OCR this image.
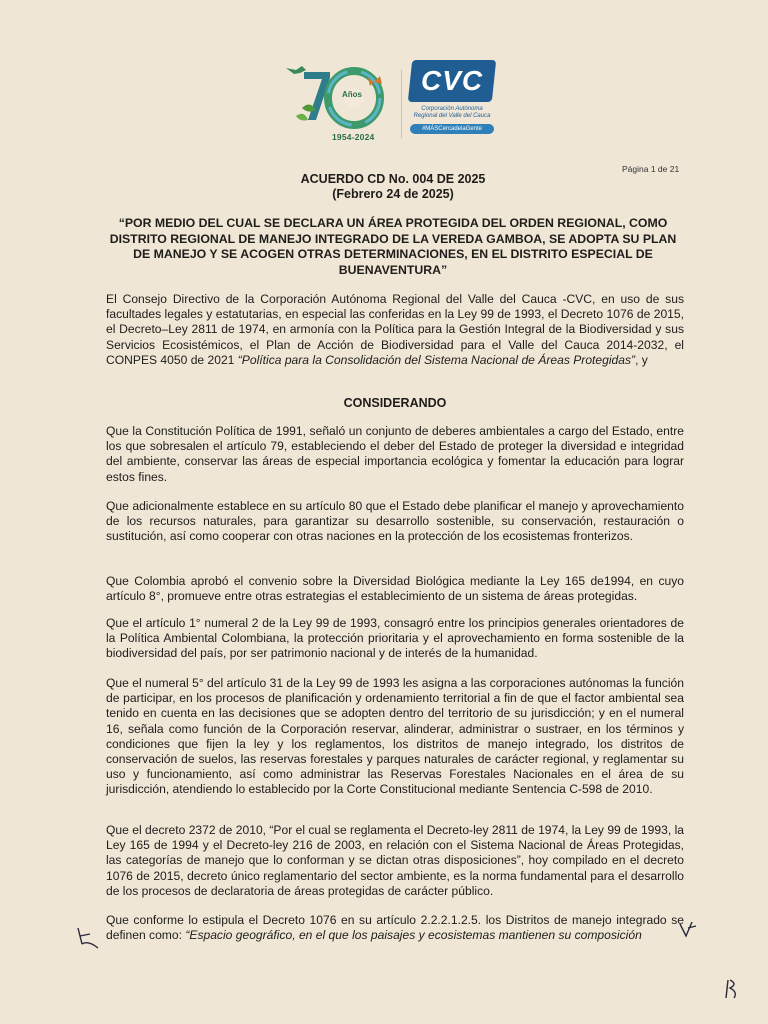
Años
1954-2024
CVC
Corporación Autónoma
Regional del Valle del Cauca
#MÁSCercadelaGente
Página 1 de 21
ACUERDO CD No. 004 DE 2025
(Febrero 24 de 2025)
“POR MEDIO DEL CUAL SE DECLARA UN ÁREA PROTEGIDA DEL ORDEN REGIONAL, COMO DISTRITO REGIONAL DE MANEJO INTEGRADO DE LA VEREDA GAMBOA, SE ADOPTA SU PLAN DE MANEJO Y SE ACOGEN OTRAS DETERMINACIONES, EN EL DISTRITO ESPECIAL DE BUENAVENTURA”

El Consejo Directivo de la Corporación Autónoma Regional del Valle del Cauca -CVC, en uso de sus facultades legales y estatutarias, en especial las conferidas en la Ley 99 de 1993, el Decreto 1076 de 2015, el Decreto–Ley 2811 de 1974, en armonía con la Política para la Gestión Integral de la Biodiversidad y sus Servicios Ecosistémicos, el Plan de Acción de Biodiversidad para el Valle del Cauca 2014-2032, el CONPES 4050 de 2021 “Política para la Consolidación del Sistema Nacional de Áreas Protegidas”, y

CONSIDERANDO

Que la Constitución Política de 1991, señaló un conjunto de deberes ambientales a cargo del Estado, entre los que sobresalen el artículo 79, estableciendo el deber del Estado de proteger la diversidad e integridad del ambiente, conservar las áreas de especial importancia ecológica y fomentar la educación para lograr estos fines.

Que adicionalmente establece en su artículo 80 que el Estado debe planificar el manejo y aprovechamiento de los recursos naturales, para garantizar su desarrollo sostenible, su conservación, restauración o sustitución, así como cooperar con otras naciones en la protección de los ecosistemas fronterizos.

Que Colombia aprobó el convenio sobre la Diversidad Biológica mediante la Ley 165 de1994, en cuyo artículo 8°, promueve entre otras estrategias el establecimiento de un sistema de áreas protegidas.

Que el artículo 1° numeral 2 de la Ley 99 de 1993, consagró entre los principios generales orientadores de la Política Ambiental Colombiana, la protección prioritaria y el aprovechamiento en forma sostenible de la biodiversidad del país, por ser patrimonio nacional y de interés de la humanidad.

Que el numeral 5° del artículo 31 de la Ley 99 de 1993 les asigna a las corporaciones autónomas la función de participar, en los procesos de planificación y ordenamiento territorial a fin de que el factor ambiental sea tenido en cuenta en las decisiones que se adopten dentro del territorio de su jurisdicción; y en el numeral 16, señala como función de la Corporación reservar, alinderar, administrar o sustraer, en los términos y condiciones que fijen la ley y los reglamentos, los distritos de manejo integrado, los distritos de conservación de suelos, las reservas forestales y parques naturales de carácter regional, y reglamentar su uso y funcionamiento, así como administrar las Reservas Forestales Nacionales en el área de su jurisdicción, atendiendo lo establecido por la Corte Constitucional mediante Sentencia C-598 de 2010.

Que el decreto 2372 de 2010, “Por el cual se reglamenta el Decreto-ley 2811 de 1974, la Ley 99 de 1993, la Ley 165 de 1994 y el Decreto-ley 216 de 2003, en relación con el Sistema Nacional de Áreas Protegidas, las categorías de manejo que lo conforman y se dictan otras disposiciones”, hoy compilado en el decreto 1076 de 2015, decreto único reglamentario del sector ambiente, es la norma fundamental para el desarrollo de los procesos de declaratoria de áreas protegidas de carácter público.

Que conforme lo estipula el Decreto 1076 en su artículo 2.2.2.1.2.5. los Distritos de manejo integrado se definen como: “Espacio geográfico, en el que los paisajes y ecosistemas mantienen su composición
